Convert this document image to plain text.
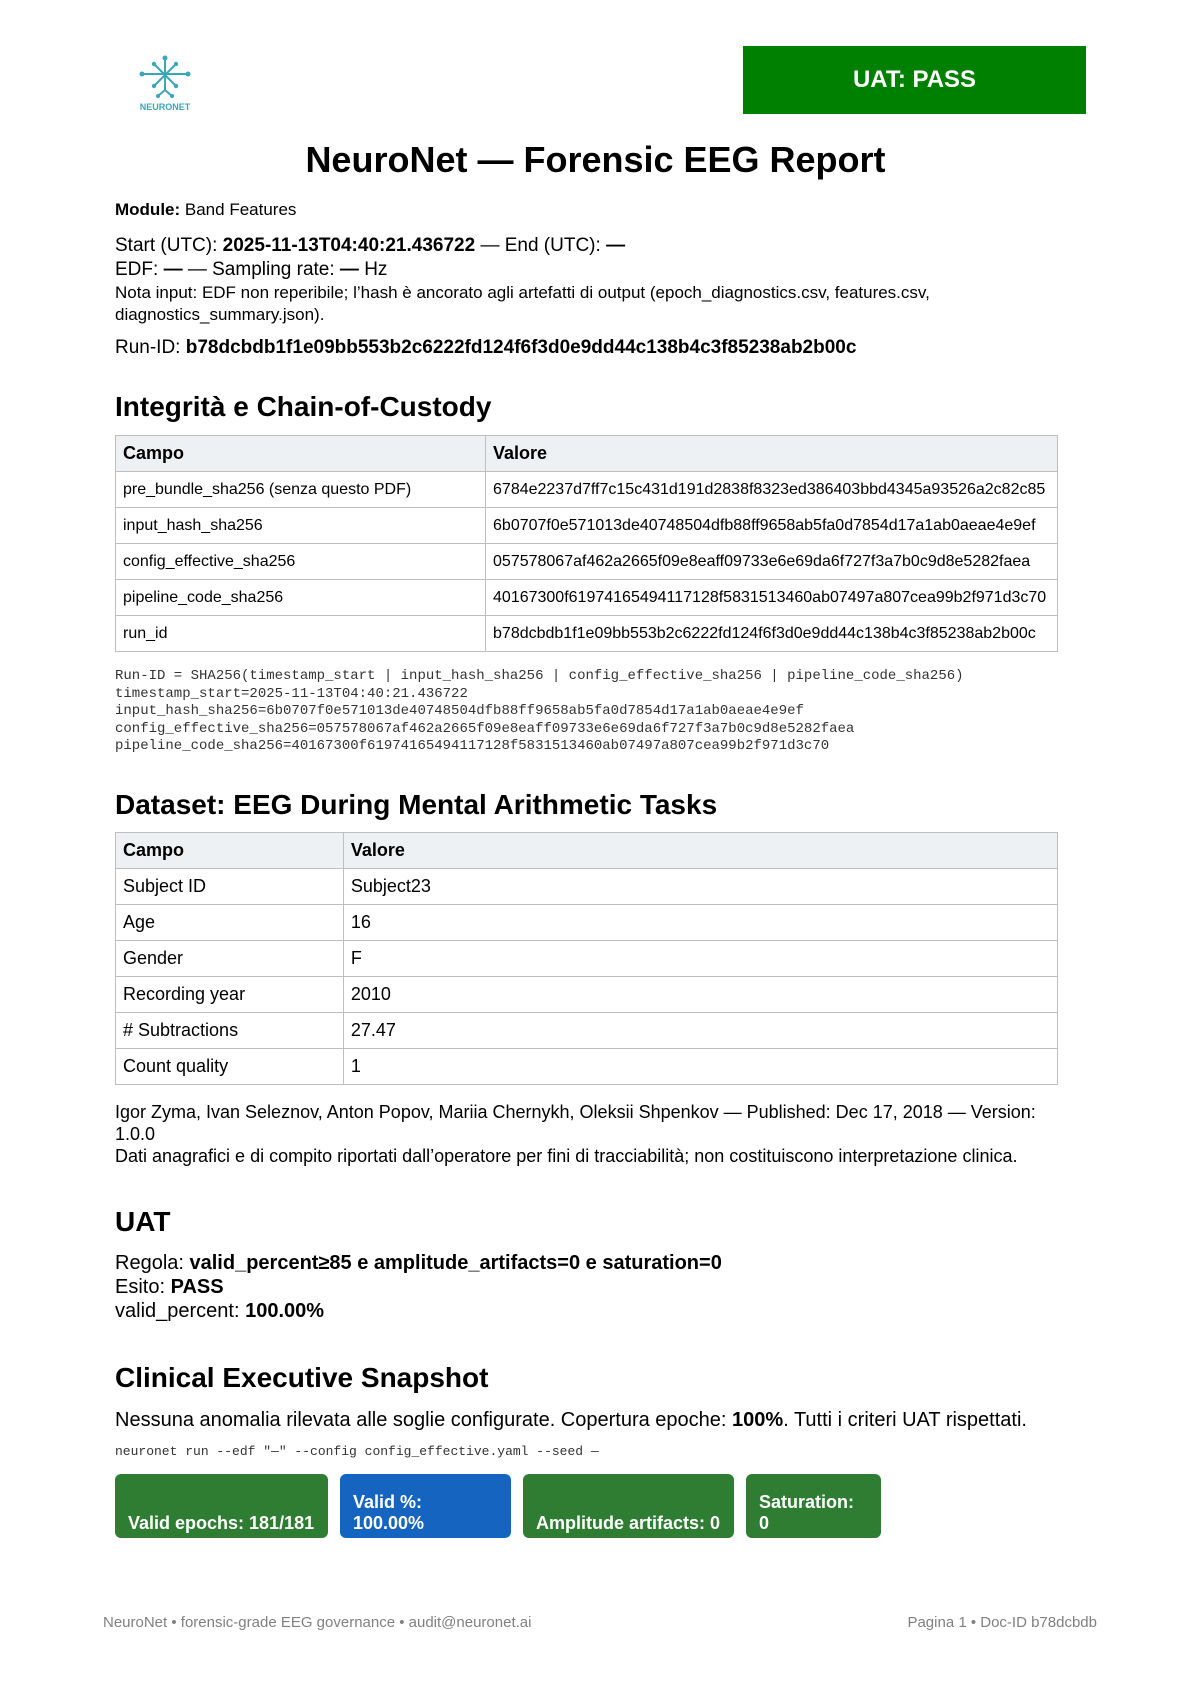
NEURONET
UAT: PASS
NeuroNet — Forensic EEG Report
Module: Band Features
Start (UTC): 2025-11-13T04:40:21.436722 — End (UTC): —
EDF: — — Sampling rate: — Hz
Nota input: EDF non reperibile; l’hash è ancorato agli artefatti di output (epoch_diagnostics.csv, features.csv, diagnostics_summary.json).
Run-ID: b78dcbdb1f1e09bb553b2c6222fd124f6f3d0e9dd44c138b4c3f85238ab2b00c
Integrità e Chain-of-Custody
Campo	Valore
pre_bundle_sha256 (senza questo PDF)	6784e2237d7ff7c15c431d191d2838f8323ed386403bbd4345a93526a2c82c85
input_hash_sha256	6b0707f0e571013de40748504dfb88ff9658ab5fa0d7854d17a1ab0aeae4e9ef
config_effective_sha256	057578067af462a2665f09e8eaff09733e6e69da6f727f3a7b0c9d8e5282faea
pipeline_code_sha256	40167300f61974165494117128f5831513460ab07497a807cea99b2f971d3c70
run_id	b78dcbdb1f1e09bb553b2c6222fd124f6f3d0e9dd44c138b4c3f85238ab2b00c
Run-ID = SHA256(timestamp_start | input_hash_sha256 | config_effective_sha256 | pipeline_code_sha256)
timestamp_start=2025-11-13T04:40:21.436722
input_hash_sha256=6b0707f0e571013de40748504dfb88ff9658ab5fa0d7854d17a1ab0aeae4e9ef
config_effective_sha256=057578067af462a2665f09e8eaff09733e6e69da6f727f3a7b0c9d8e5282faea
pipeline_code_sha256=40167300f61974165494117128f5831513460ab07497a807cea99b2f971d3c70
Dataset: EEG During Mental Arithmetic Tasks
Campo	Valore
Subject ID	Subject23
Age	16
Gender	F
Recording year	2010
# Subtractions	27.47
Count quality	1
Igor Zyma, Ivan Seleznov, Anton Popov, Mariia Chernykh, Oleksii Shpenkov — Published: Dec 17, 2018 — Version: 1.0.0
Dati anagrafici e di compito riportati dall’operatore per fini di tracciabilità; non costituiscono interpretazione clinica.
UAT
Regola: valid_percent≥85 e amplitude_artifacts=0 e saturation=0
Esito: PASS
valid_percent: 100.00%
Clinical Executive Snapshot
Nessuna anomalia rilevata alle soglie configurate. Copertura epoche: 100%. Tutti i criteri UAT rispettati.
neuronet run --edf "—" --config config_effective.yaml --seed —
Valid epochs: 181/181
Valid %: 100.00%	Amplitude artifacts: 0
Saturation: 0
NeuroNet • forensic-grade EEG governance • audit@neuronet.ai	Pagina 1 • Doc-ID b78dcbdb
